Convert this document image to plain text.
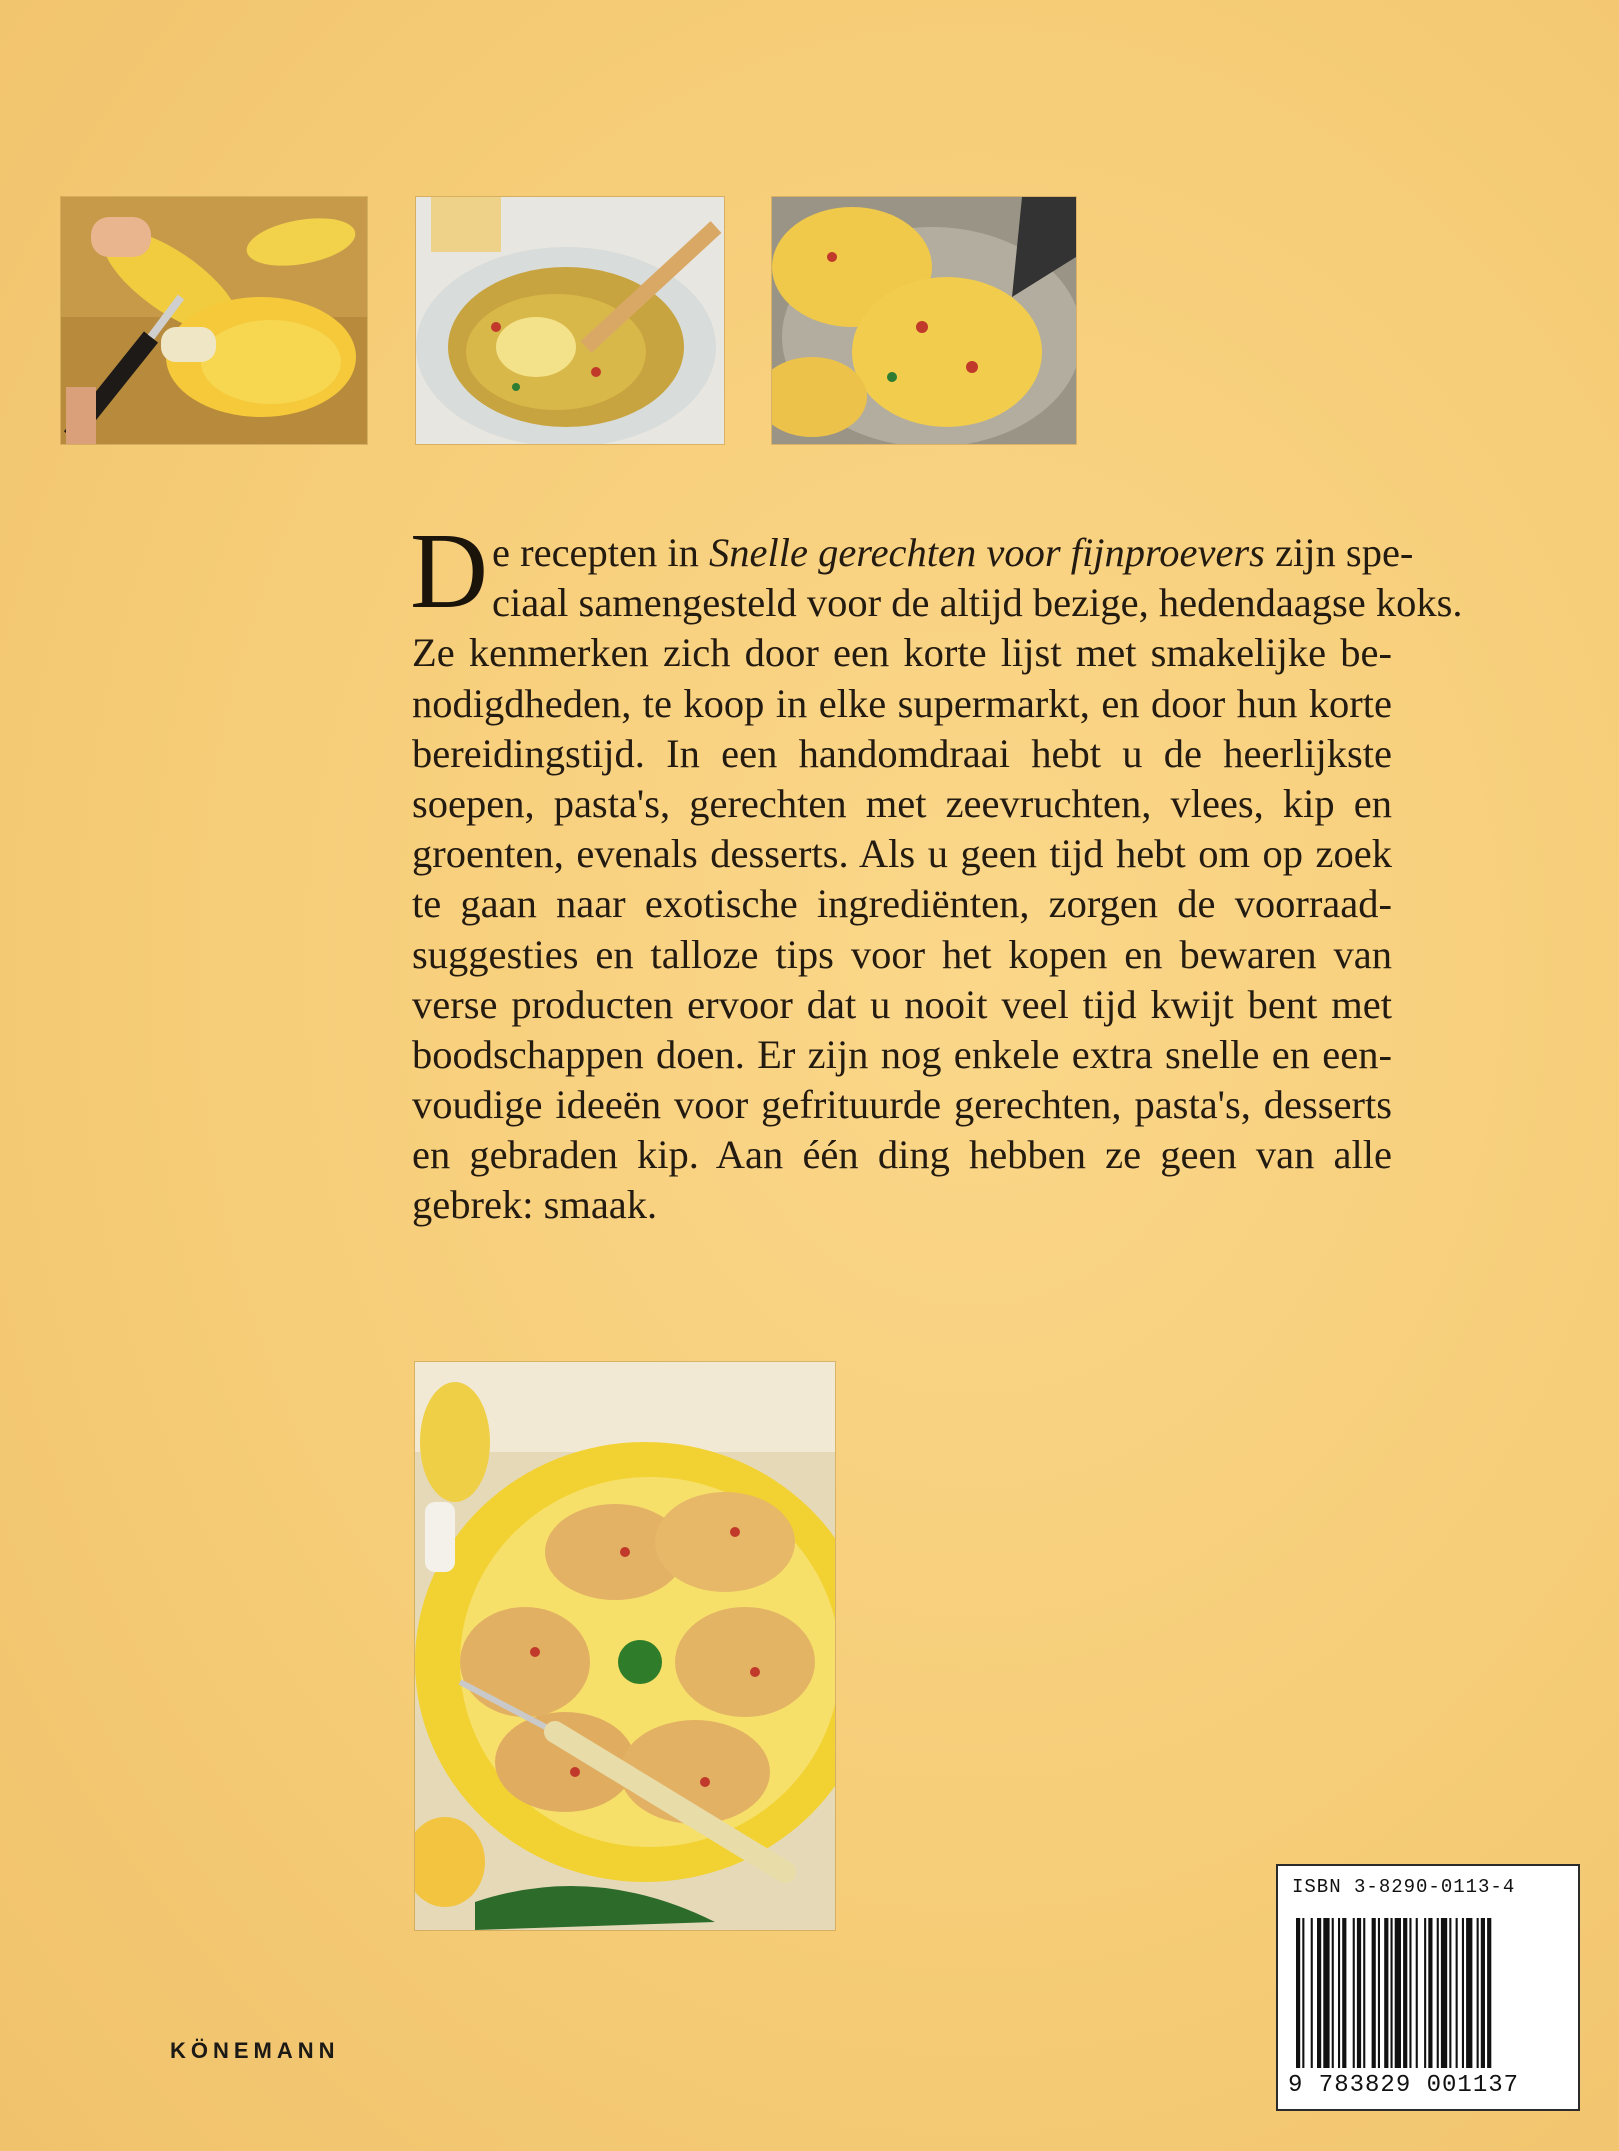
D e recepten in Snelle gerechten voor fijnproevers zijn spe-
ciaal samengesteld voor de altijd bezige, hedendaagse koks.
Ze kenmerken zich door een korte lijst met smakelijke be-
nodigdheden, te koop in elke supermarkt, en door hun korte
bereidingstijd. In een handomdraai hebt u de heerlijkste
soepen, pasta's, gerechten met zeevruchten, vlees, kip en
groenten, evenals desserts. Als u geen tijd hebt om op zoek
te gaan naar exotische ingrediënten, zorgen de voorraad-
suggesties en talloze tips voor het kopen en bewaren van
verse producten ervoor dat u nooit veel tijd kwijt bent met
boodschappen doen. Er zijn nog enkele extra snelle en een-
voudige ideeën voor gefrituurde gerechten, pasta's, desserts
en gebraden kip. Aan één ding hebben ze geen van alle
gebrek: smaak.
KÖNEMANN
ISBN 3-8290-0113-4
9 783829 001137
